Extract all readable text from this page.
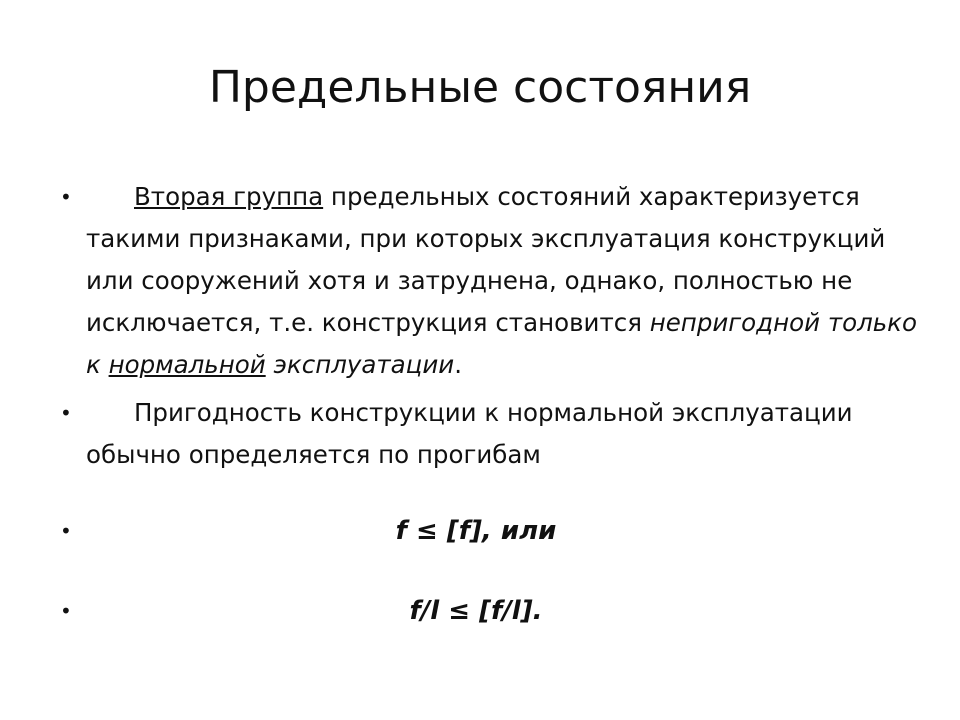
Предельные состояния
•	Вторая группа предельных состояний характеризуется такими признаками, при которых эксплуатация конструкций или сооружений хотя и затруднена, однако, полностью не исключается, т.е. конструкция становится непригодной только к нормальной эксплуатации.
•	Пригодность конструкции к нормальной эксплуатации обычно определяется по прогибам
•	f ≤ [f], или
•	f/l ≤ [f/l].
